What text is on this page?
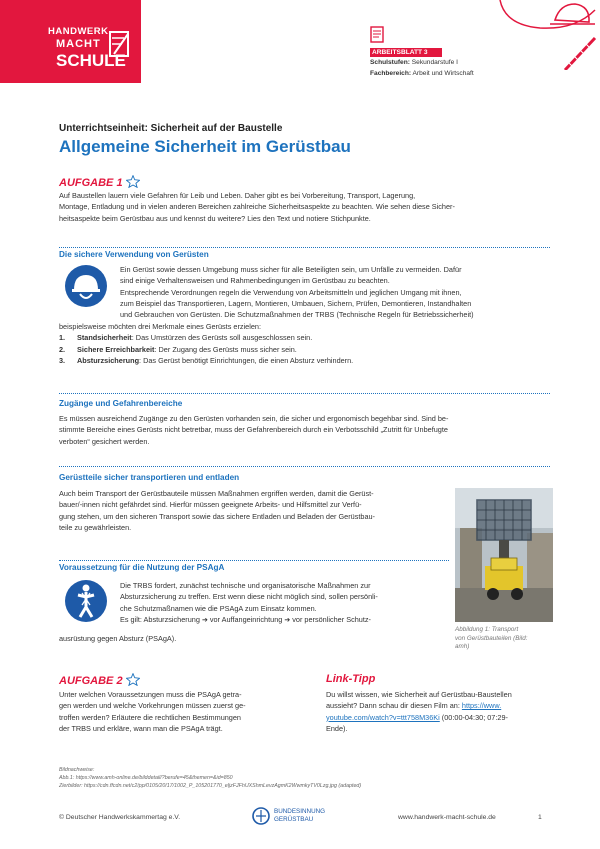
HANDWERK
MACHT
SCHULE	ARBEITSBLATT 3
Schulstufen: Sekundarstufe I
Fachbereich: Arbeit und Wirtschaft
Unterrichtseinheit: Sicherheit auf der Baustelle
Allgemeine Sicherheit im Gerüstbau
AUFGABE 1

Auf Baustellen lauern viele Gefahren für Leib und Leben. Daher gibt es bei Vorbereitung, Transport, Lagerung,

Montage, Entladung und in vielen anderen Bereichen zahlreiche Sicherheitsaspekte zu beachten. Wie sehen diese Sicher-

heitsaspekte beim Gerüstbau aus und kennst du weitere? Lies den Text und notiere Stichpunkte.

Die sichere Verwendung von Gerüsten

Ein Gerüst sowie dessen Umgebung muss sicher für alle Beteiligten sein, um Unfälle zu vermeiden. Dafür

sind einige Verhaltensweisen und Rahmenbedingungen im Gerüstbau zu beachten.

Entsprechende Verordnungen regeln die Verwendung von Arbeitsmitteln und jeglichen Umgang mit ihnen,

zum Beispiel das Transportieren, Lagern, Montieren, Umbauen, Sichern, Prüfen, Demontieren, Instandhalten

und Gebrauchen von Gerüsten. Die Schutzmaßnahmen der TRBS (Technische Regeln für Betriebssicherheit)

beispielsweise möchten drei Merkmale eines Gerüsts erzielen:

1. Standsicherheit: Das Umstürzen des Gerüsts soll ausgeschlossen sein.

2. Sichere Erreichbarkeit: Der Zugang des Gerüsts muss sicher sein.

3. Absturzsicherung: Das Gerüst benötigt Einrichtungen, die einen Absturz verhindern.

Zugänge und Gefahrenbereiche

Es müssen ausreichend Zugänge zu den Gerüsten vorhanden sein, die sicher und ergonomisch begehbar sind. Sind be-

stimmte Bereiche eines Gerüsts nicht betretbar, muss der Gefahrenbereich durch ein Verbotsschild „Zutritt für Unbefugte

verboten“ gesichert werden.

Gerüstteile sicher transportieren und entladen

Auch beim Transport der Gerüstbauteile müssen Maßnahmen ergriffen werden, damit die Gerüst-

bauer/-innen nicht gefährdet sind. Hierfür müssen geeignete Arbeits- und Hilfsmittel zur Verfü-

gung stehen, um den sicheren Transport sowie das sichere Entladen und Beladen der Gerüstbau-

teile zu gewährleisten.

Abbildung 1: Transport

von Gerüstbauteilen (Bild:

amh)

Voraussetzung für die Nutzung der PSAgA

Die TRBS fordert, zunächst technische und organisatorische Maßnahmen zur

Absturzsicherung zu treffen. Erst wenn diese nicht möglich sind, sollen persönli-

che Schutzmaßnamen wie die PSAgA zum Einsatz kommen.

Es gilt: Absturzsicherung ➔ vor Auffangeinrichtung ➔ vor persönlicher Schutz-

ausrüstung gegen Absturz (PSAgA).
AUFGABE 2

Unter welchen Voraussetzungen muss die PSAgA getra-

gen werden und welche Vorkehrungen müssen zuerst ge-

troffen werden? Erläutere die rechtlichen Bestimmungen

der TRBS und erkläre, wann man die PSAgA trägt.

Link-Tipp

Du willst wissen, wie Sicherheit auf Gerüstbau-Baustellen

aussieht? Dann schau dir diesen Film an: https://www.

youtube.com/watch?v=ttt758M36Ki (00:00-04:30; 07:29-

Ende).

Bildnachweise:

Abb.1: https://www.amh-online.de/bilddetail/?berufe=45&themen=&id=850

Zierbilder: https://cdn.ffcdn.net/c2/pp/0105/20/17/1002_P_105201770_eljzFJFhUXShmLevzAgmK2WwmkyTV0Lzg.jpg (adapted)

© Deutscher Handwerkskammertag e.V.

BUNDESINNUNG

GERÜSTBAU	www.handwerk-macht-schule.de	1
